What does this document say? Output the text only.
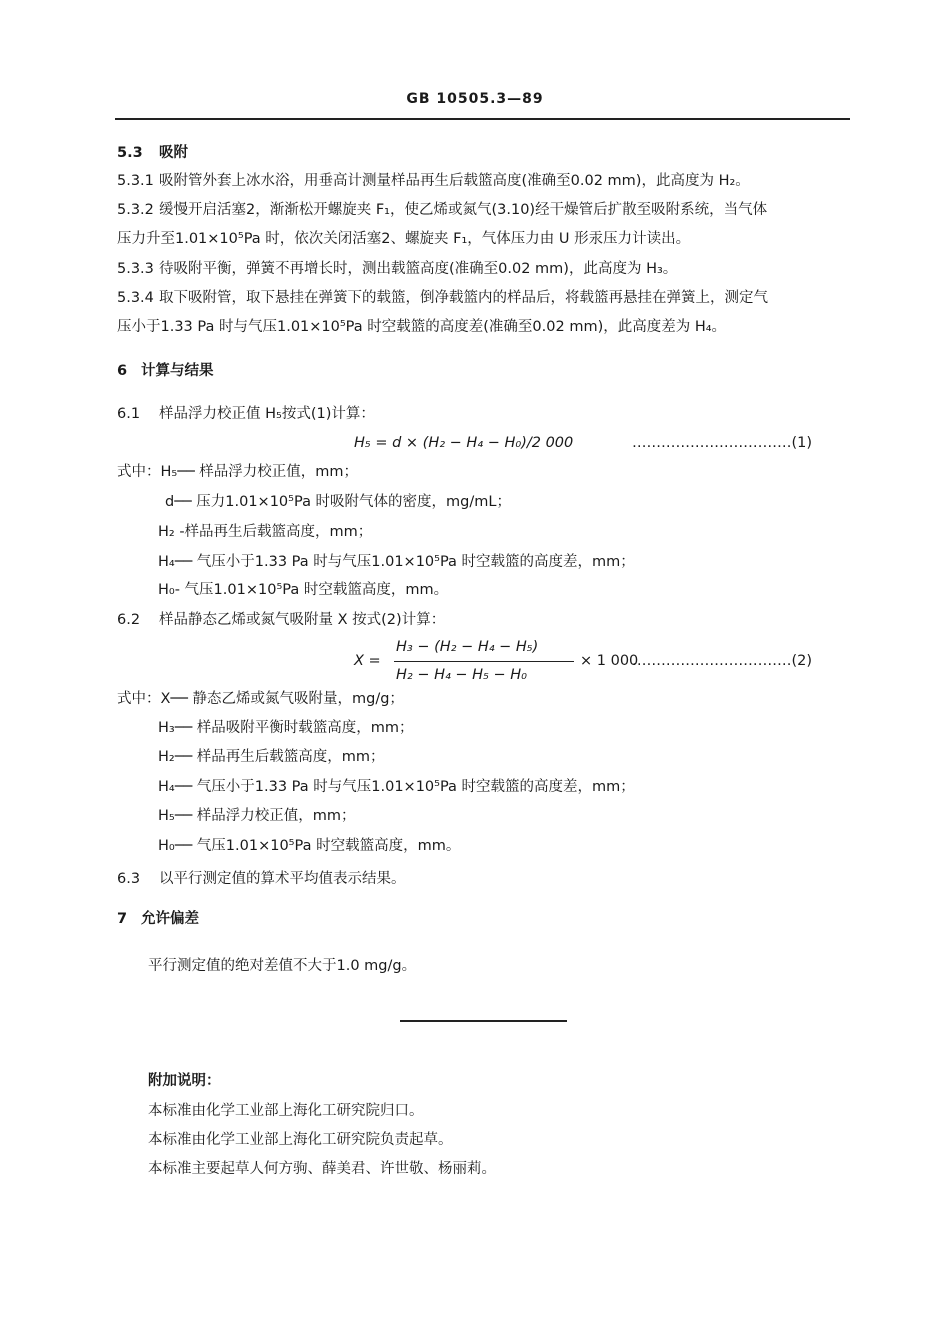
GB 10505.3—89
5.3 吸附
5.3.1 吸附管外套上冰水浴，用垂高计测量样品再生后载篮高度(准确至0.02 mm)，此高度为 H₂。
5.3.2 缓慢开启活塞2，渐渐松开螺旋夹 F₁，使乙烯或氮气(3.10)经干燥管后扩散至吸附系统，当气体
压力升至1.01×10⁵Pa 时，依次关闭活塞2、螺旋夹 F₁，气体压力由 U 形汞压力计读出。
5.3.3 待吸附平衡，弹簧不再增长时，测出载篮高度(准确至0.02 mm)，此高度为 H₃。
5.3.4 取下吸附管，取下悬挂在弹簧下的载篮，倒净载篮内的样品后，将载篮再悬挂在弹簧上，测定气
压小于1.33 Pa 时与气压1.01×10⁵Pa 时空载篮的高度差(准确至0.02 mm)，此高度差为 H₄。
6 计算与结果
6.1 样品浮力校正值 H₅按式(1)计算：
H₅ = d × (H₂ − H₄ − H₀)/2 000	……………………………(1)
式中：H₅── 样品浮力校正值，mm；
d── 压力1.01×10⁵Pa 时吸附气体的密度，mg/mL；
H₂ -样品再生后载篮高度，mm；
H₄── 气压小于1.33 Pa 时与气压1.01×10⁵Pa 时空载篮的高度差，mm；
H₀- 气压1.01×10⁵Pa 时空载篮高度，mm。
6.2 样品静态乙烯或氮气吸附量 X 按式(2)计算：
X =
H₃ − (H₂ − H₄ − H₅)
H₂ − H₄ − H₅ − H₀
× 1 000
……………………………(2)
式中：X── 静态乙烯或氮气吸附量，mg/g；
H₃── 样品吸附平衡时载篮高度，mm；
H₂── 样品再生后载篮高度，mm；
H₄── 气压小于1.33 Pa 时与气压1.01×10⁵Pa 时空载篮的高度差，mm；
H₅── 样品浮力校正值，mm；
H₀── 气压1.01×10⁵Pa 时空载篮高度，mm。
6.3 以平行测定值的算术平均值表示结果。
7 允许偏差
平行测定值的绝对差值不大于1.0 mg/g。
附加说明：
本标准由化学工业部上海化工研究院归口。
本标准由化学工业部上海化工研究院负责起草。
本标准主要起草人何方驹、薛美君、许世敬、杨丽莉。
